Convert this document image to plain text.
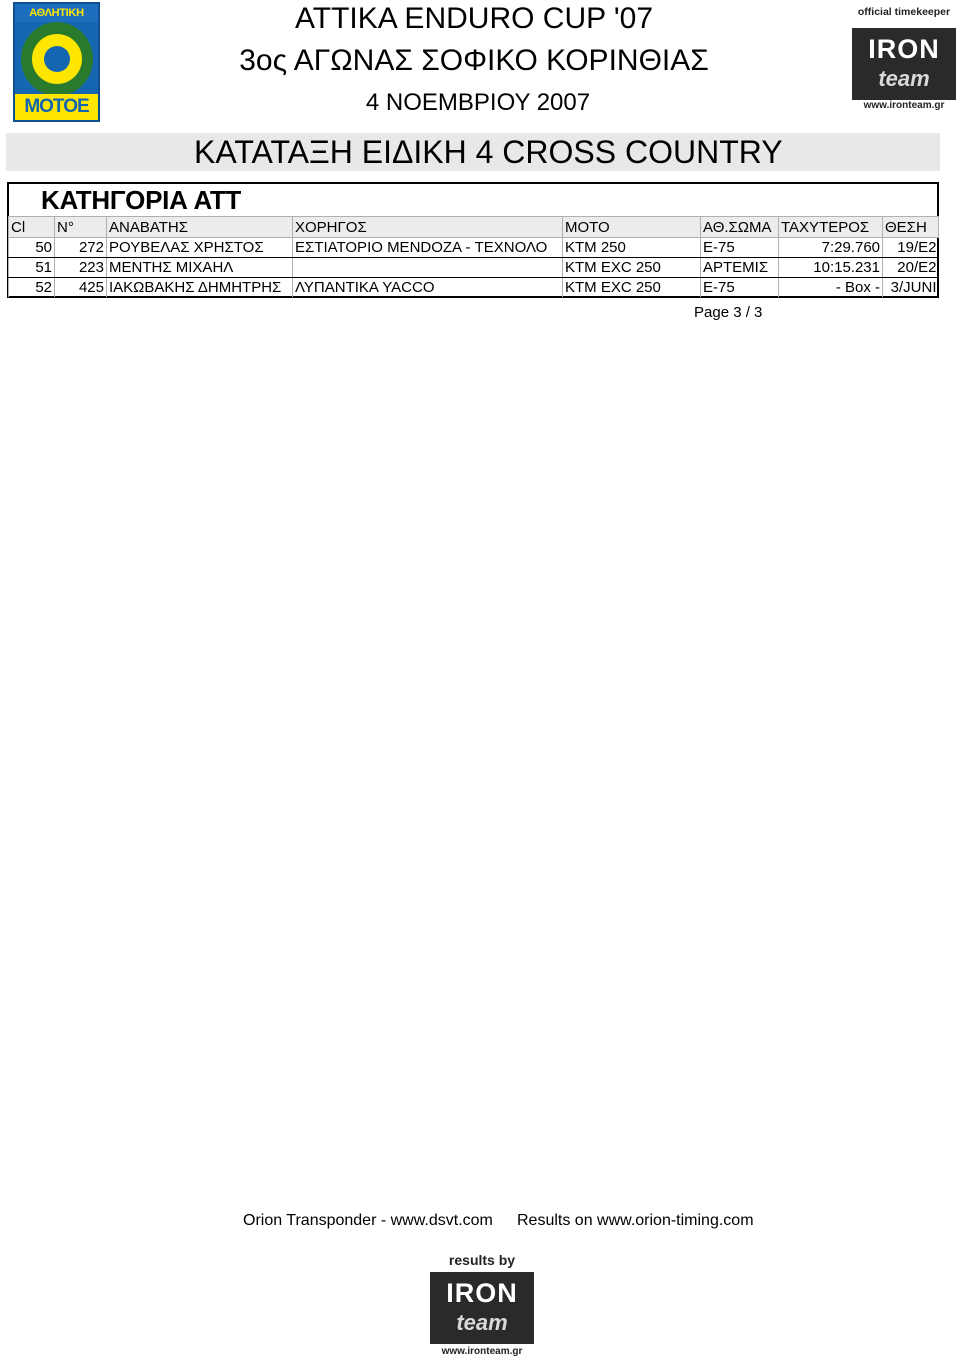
ΑΘΛΗΤΙΚΗ
MOTOE
official timekeeper
IRON
team
www.ironteam.gr
ATTIKA ENDURO CUP '07
3ος ΑΓΩΝΑΣ ΣΟΦΙΚΟ ΚΟΡΙΝΘΙΑΣ
4 ΝΟΕΜΒΡΙΟΥ 2007
ΚΑΤΑΤΑΞΗ ΕΙΔΙΚΗ 4 CROSS COUNTRY
ΚΑΤΗΓΟΡΙΑ ΑΤΤ
Cl	N°	ΑΝΑΒΑΤΗΣ	ΧΟΡΗΓΟΣ	ΜΟΤΟ	ΑΘ.ΣΩΜΑ	ΤΑΧΥΤΕΡΟΣ	ΘΕΣΗ
50	272	ΡΟΥΒΕΛΑΣ ΧΡΗΣΤΟΣ	ΕΣΤΙΑΤΟΡΙΟ MENDOZA - ΤΕΧΝΟΛΟ	KTM 250	Ε-75	7:29.760	19/Ε2
51	223	ΜΕΝΤΗΣ ΜΙΧΑΗΛ		KTM EXC 250	ΑΡΤΕΜΙΣ	10:15.231	20/Ε2
52	425	ΙΑΚΩΒΑΚΗΣ ΔΗΜΗΤΡΗΣ	ΛΥΠΑΝΤΙΚΑ YACCO	KTM EXC 250	Ε-75	- Box -	3/JUNI
Page 3 / 3
Orion Transponder - www.dsvt.com Results on www.orion-timing.com
results by
IRON
team
www.ironteam.gr
